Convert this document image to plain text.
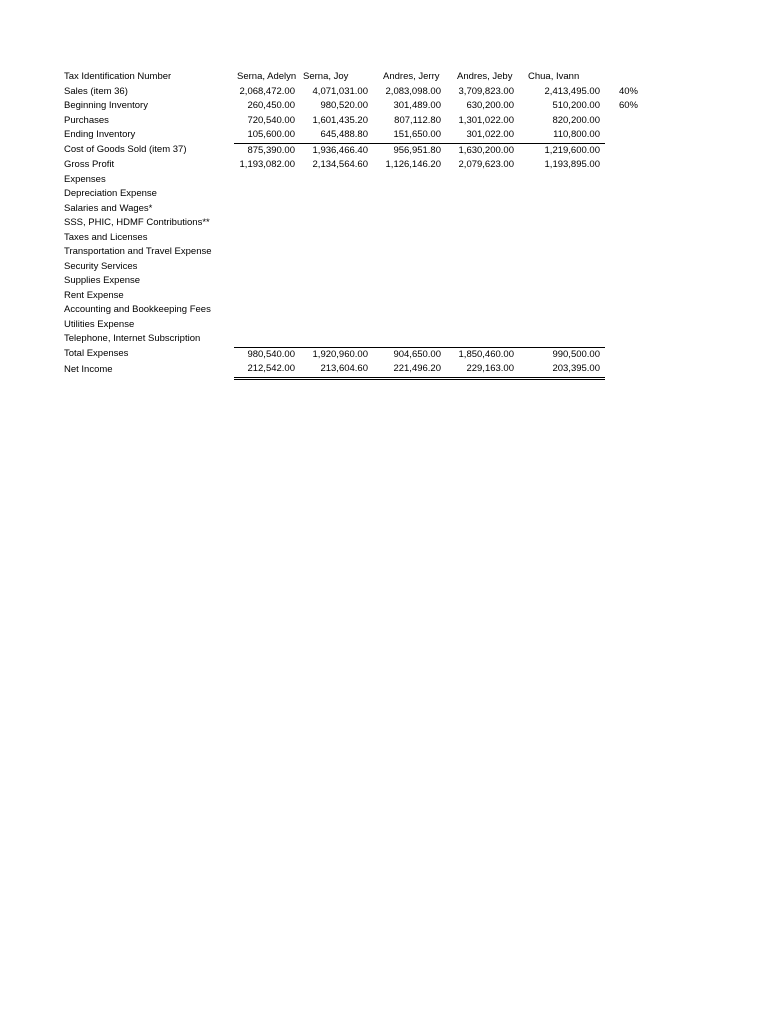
Tax Identification Number	Serna, Adelyn	Serna, Joy	Andres, Jerry	Andres, Jeby	Chua, Ivann	
Sales (item 36)	2,068,472.00	4,071,031.00	2,083,098.00	3,709,823.00	2,413,495.00	40%
Beginning Inventory	260,450.00	980,520.00	301,489.00	630,200.00	510,200.00	60%
Purchases	720,540.00	1,601,435.20	807,112.80	1,301,022.00	820,200.00	
Ending Inventory	105,600.00	645,488.80	151,650.00	301,022.00	110,800.00	
Cost of Goods Sold (item 37)	875,390.00	1,936,466.40	956,951.80	1,630,200.00	1,219,600.00	
Gross Profit	1,193,082.00	2,134,564.60	1,126,146.20	2,079,623.00	1,193,895.00	
Expenses						
Depreciation Expense						
Salaries and Wages*						
SSS, PHIC, HDMF Contributions**						
Taxes and Licenses						
Transportation and Travel Expense						
Security Services						
Supplies Expense						
Rent Expense						
Accounting and Bookkeeping Fees						
Utilities Expense						
Telephone, Internet Subscription						
Total Expenses	980,540.00	1,920,960.00	904,650.00	1,850,460.00	990,500.00	
Net Income	212,542.00	213,604.60	221,496.20	229,163.00	203,395.00	
